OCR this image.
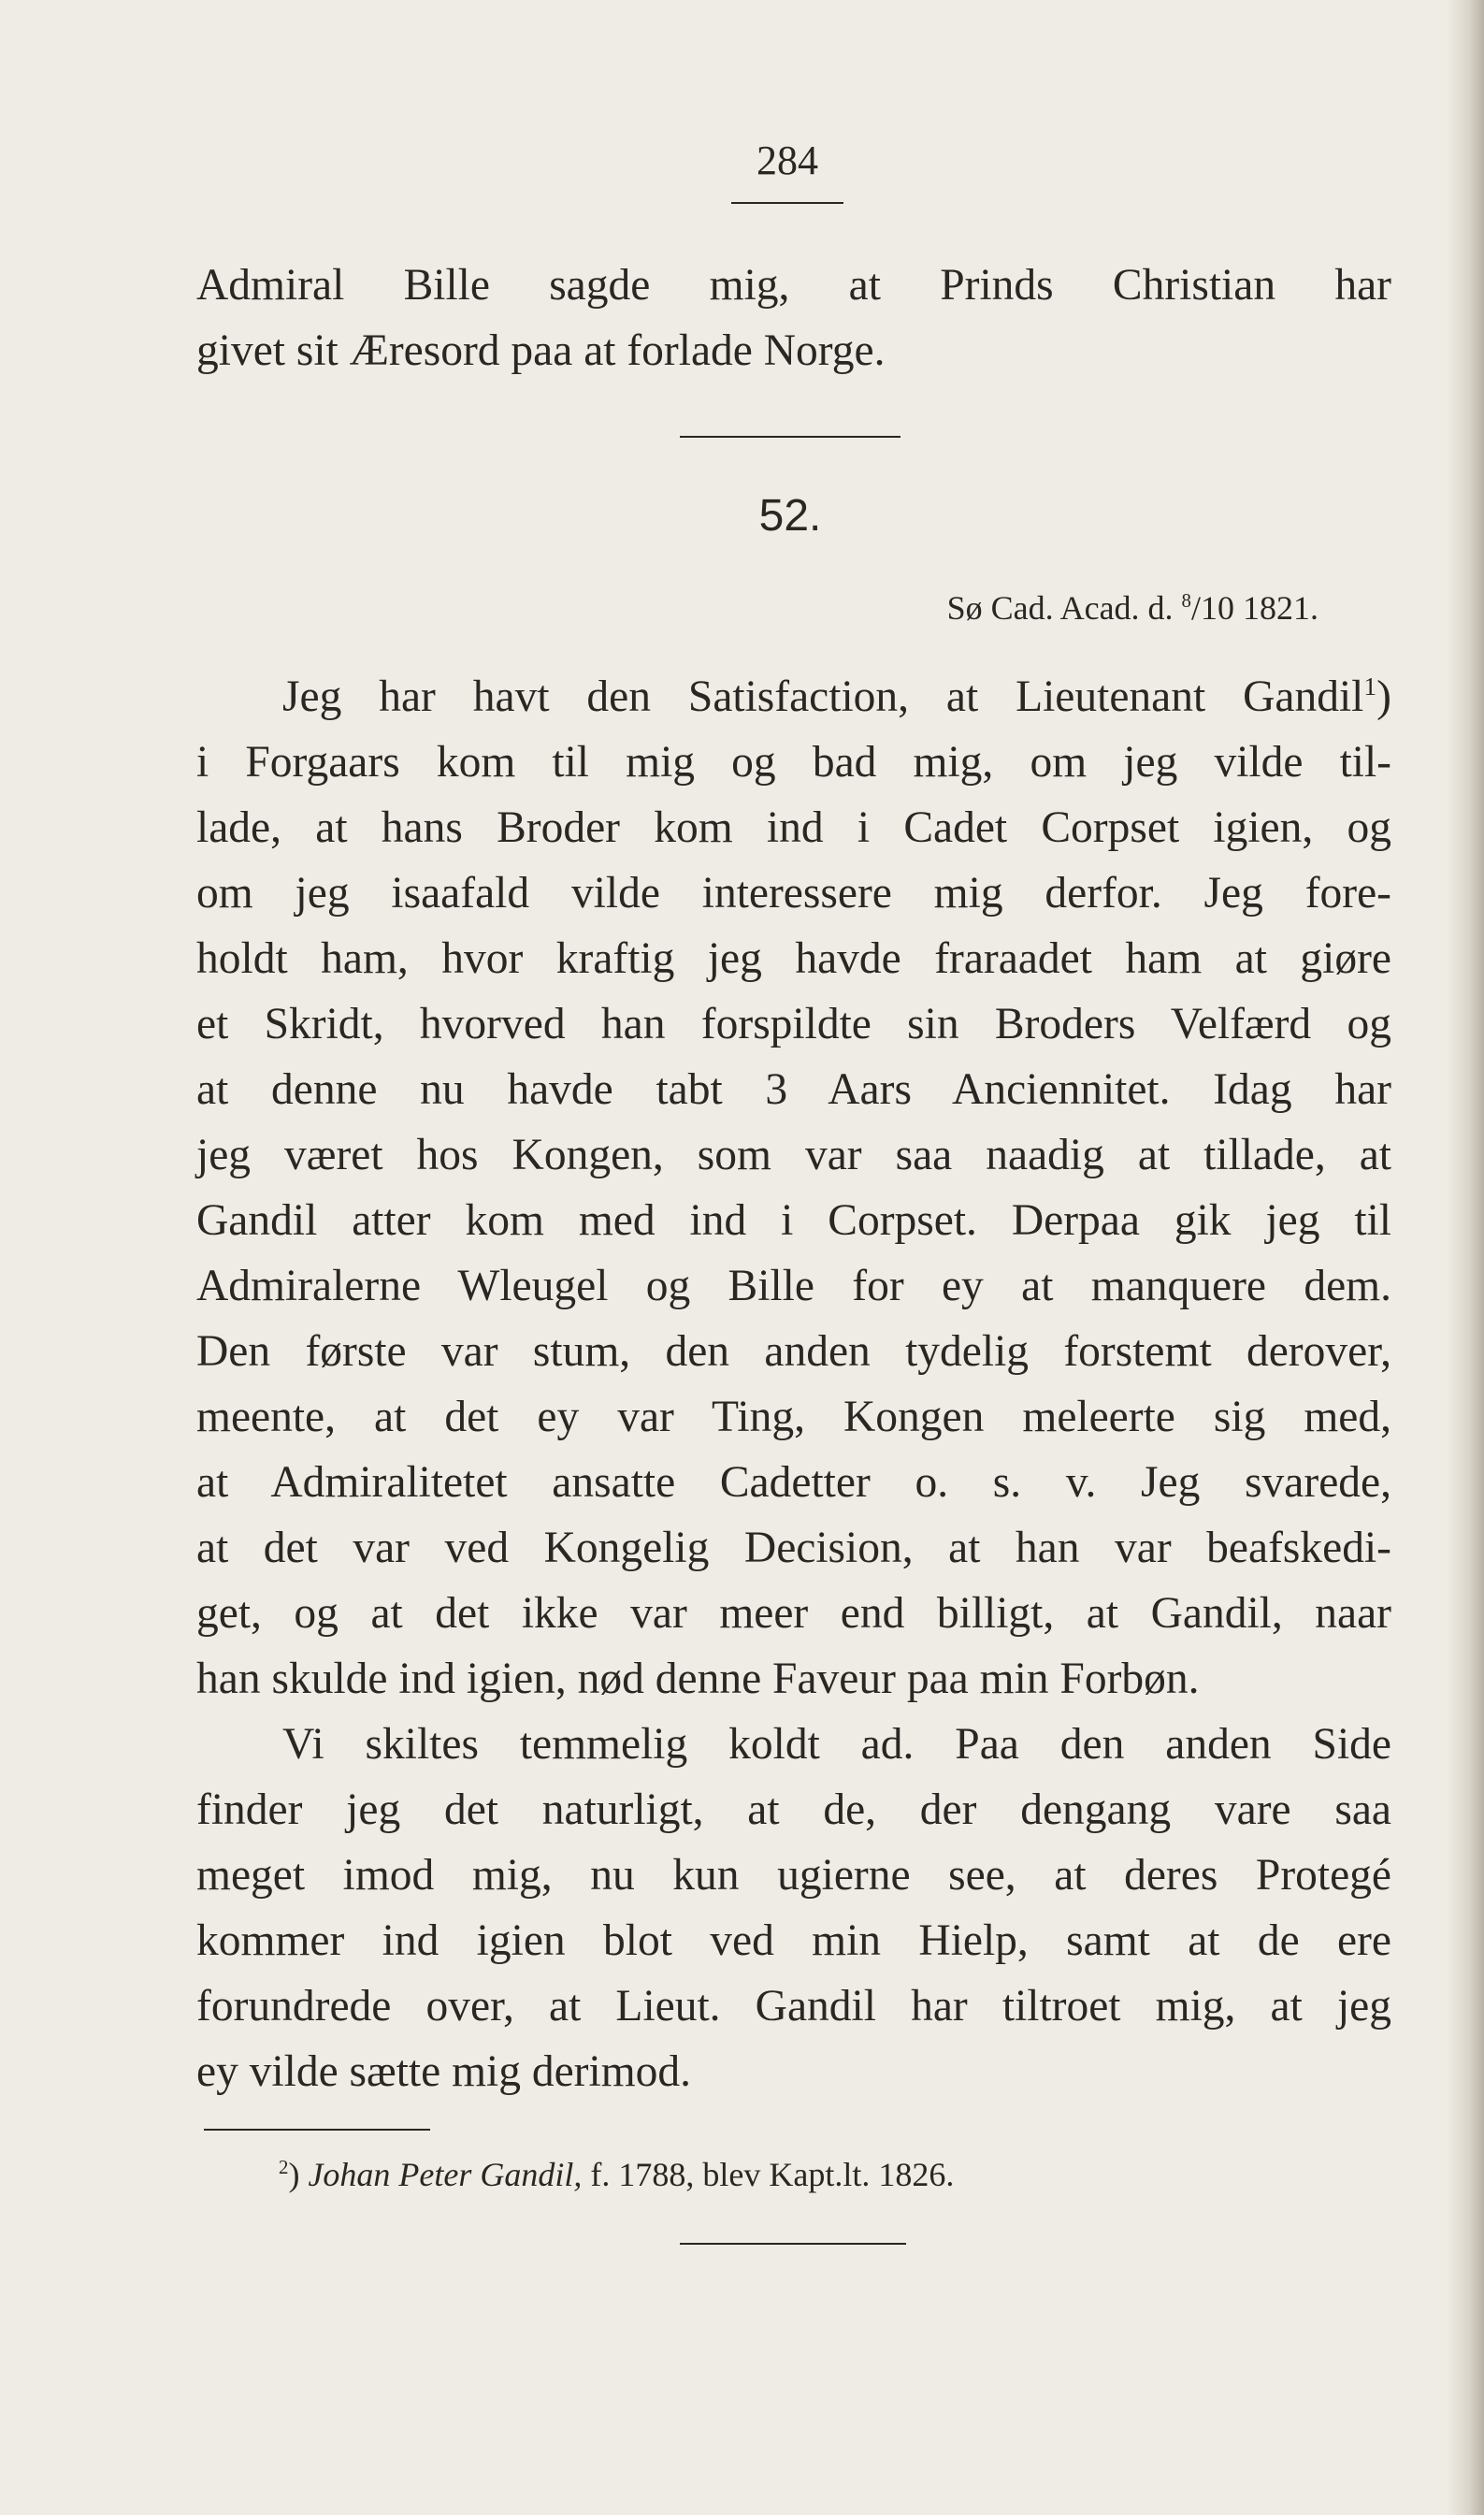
284
Admiral Bille sagde mig, at Prinds Christian har
givet sit Æresord paa at forlade Norge.
52.
Sø Cad. Acad. d. $^8$/10 1821.
Jeg har havt den Satisfaction, at Lieutenant Gandil$^1$)
i Forgaars kom til mig og bad mig, om jeg vilde til-
lade, at hans Broder kom ind i Cadet Corpset igien, og
om jeg isaafald vilde interessere mig derfor. Jeg fore-
holdt ham, hvor kraftig jeg havde fraraadet ham at giøre
et Skridt, hvorved han forspildte sin Broders Velfærd og
at denne nu havde tabt 3 Aars Anciennitet. Idag har
jeg været hos Kongen, som var saa naadig at tillade, at
Gandil atter kom med ind i Corpset. Derpaa gik jeg til
Admiralerne Wleugel og Bille for ey at manquere dem.
Den første var stum, den anden tydelig forstemt derover,
meente, at det ey var Ting, Kongen meleerte sig med,
at Admiralitetet ansatte Cadetter o. s. v. Jeg svarede,
at det var ved Kongelig Decision, at han var beafskedi-
get, og at det ikke var meer end billigt, at Gandil, naar
han skulde ind igien, nød denne Faveur paa min Forbøn.
Vi skiltes temmelig koldt ad. Paa den anden Side
finder jeg det naturligt, at de, der dengang vare saa
meget imod mig, nu kun ugierne see, at deres Protegé
kommer ind igien blot ved min Hielp, samt at de ere
forundrede over, at Lieut. Gandil har tiltroet mig, at jeg
ey vilde sætte mig derimod.
$^2$) Johan Peter Gandil, f. 1788, blev Kapt.lt. 1826.
